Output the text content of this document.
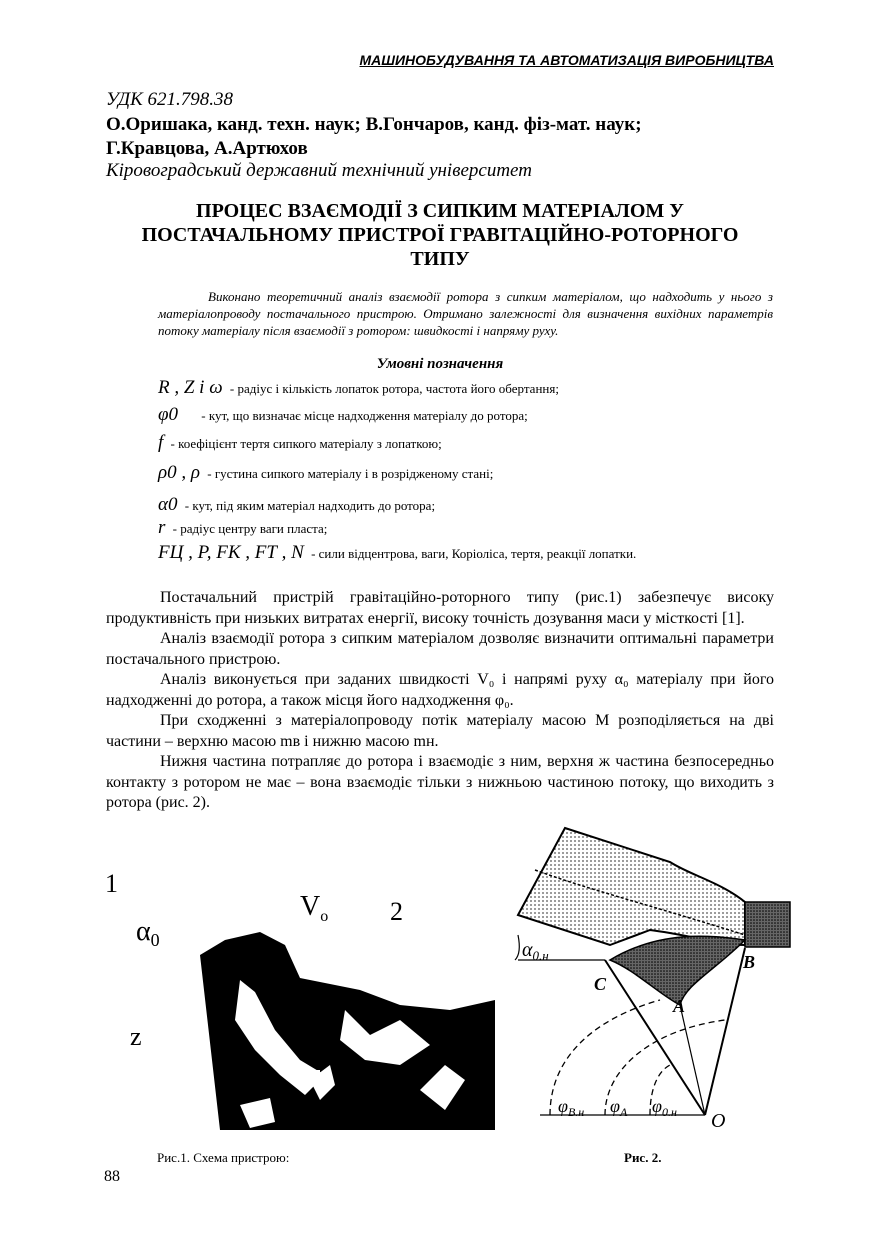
МАШИНОБУДУВАННЯ ТА АВТОМАТИЗАЦІЯ ВИРОБНИЦТВА
УДК 621.798.38
О.Оришака, канд. техн. наук; В.Гончаров, канд. фіз-мат. наук;
Г.Кравцова, А.Артюхов
Кіровоградський державний технічний університет
ПРОЦЕС ВЗАЄМОДІЇ З СИПКИМ МАТЕРІАЛОМ У
ПОСТАЧАЛЬНОМУ ПРИСТРОЇ ГРАВІТАЦІЙНО-РОТОРНОГО
ТИПУ
Виконано теоретичний аналіз взаємодії ротора з сипким матеріалом, що надходить у нього з матеріалопроводу постачального пристрою. Отримано залежності для визначення вихідних параметрів потоку матеріалу після взаємодії з ротором: швидкості і напряму руху.
Умовні позначення
R , Z і ω - радіус і кількість лопаток ротора, частота його обертання;
φ0 - кут, що визначає місце надходження матеріалу до ротора;
f - коефіцієнт тертя сипкого матеріалу з лопаткою;
ρ0 , ρ - густина сипкого матеріалу і в розрідженому стані;
α0 - кут, під яким матеріал надходить до ротора;
r - радіус центру ваги пласта;
FЦ , P, FК , FТ , N - сили відцентрова, ваги, Коріоліса, тертя, реакції лопатки.

Постачальний пристрій гравітаційно-роторного типу (рис.1) забезпечує високу продуктивність при низьких витратах енергії, високу точність дозування маси у місткості [1].

Аналіз взаємодії ротора з сипким матеріалом дозволяє визначити оптимальні параметри постачального пристрою.

Аналіз виконується при заданих швидкості V₀ і напрямі руху α₀ матеріалу при його надходженні до ротора, а також місця його надходження φ₀.

При сходженні з матеріалопроводу потік матеріалу масою М розподіляється на дві частини – верхню масою mв і нижню масою mн.

Нижня частина потрапляє до ротора і взаємодіє з ним, верхня ж частина безпосередньо контакту з ротором не має – вона взаємодіє тільки з нижньою частиною потоку, що виходить з ротора (рис. 2).

1
$\alpha_0$
$V_o$ 2
z
$\alpha_{0.н}$
C
A
B
O
$\varphi_{B.н}$ $\varphi_A$ $\varphi_{0.н}$
Рис.1. Схема пристрою:	Рис. 2.
88
